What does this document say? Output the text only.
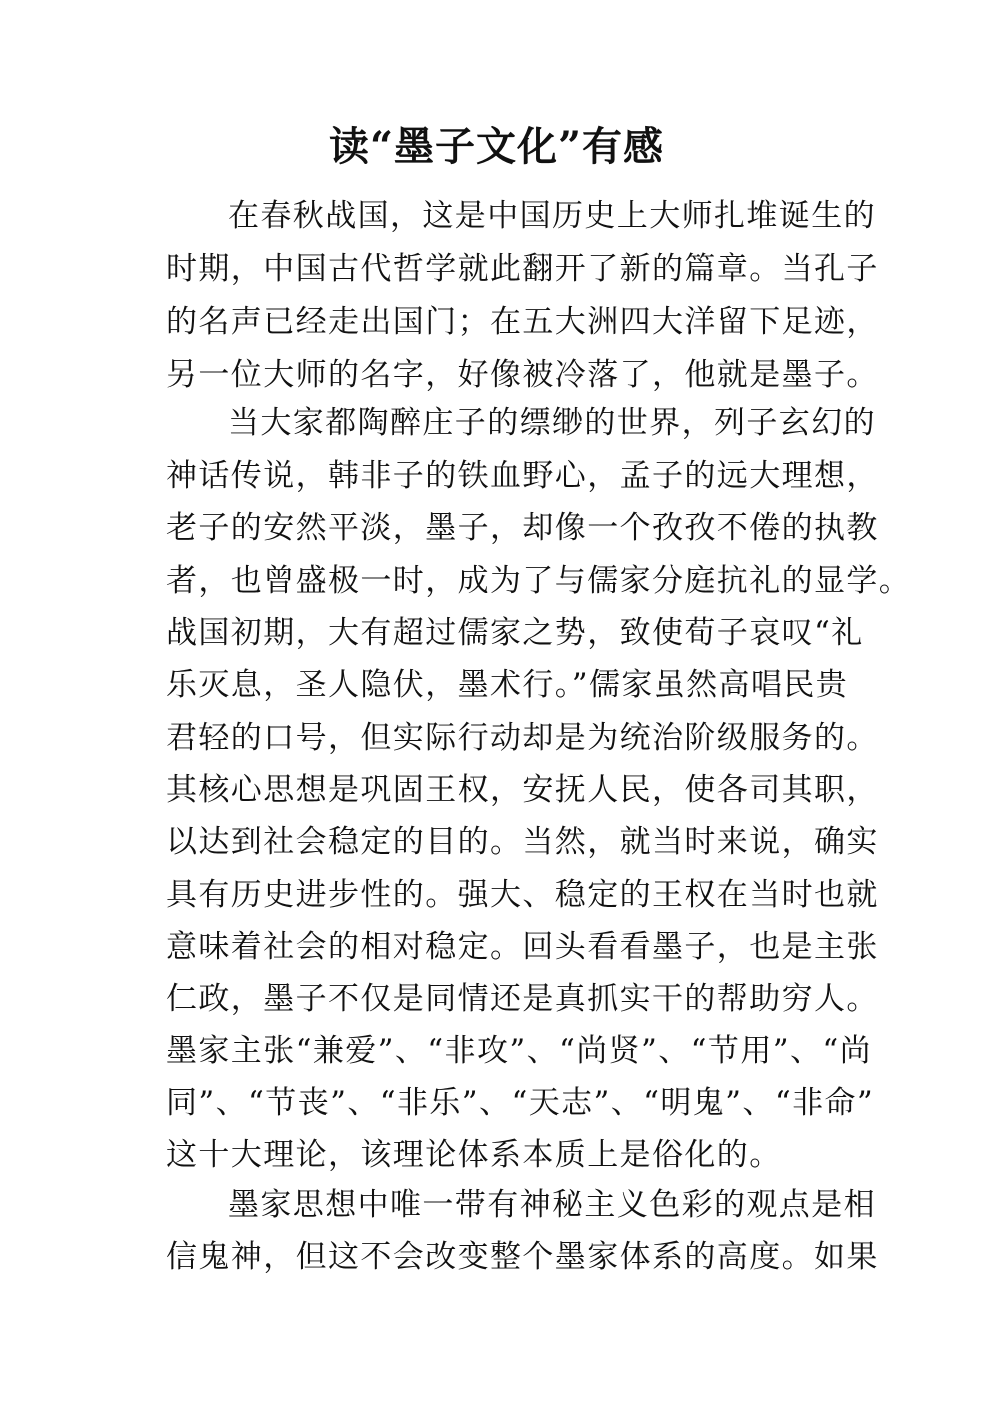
读“墨子文化”有感

在春秋战国，这是中国历史上大师扎堆诞生的

时期，中国古代哲学就此翻开了新的篇章。当孔子

的名声已经走出国门；在五大洲四大洋留下足迹，

另一位大师的名字，好像被冷落了，他就是墨子。

当大家都陶醉庄子的缥缈的世界，列子玄幻的

神话传说，韩非子的铁血野心，孟子的远大理想，

老子的安然平淡，墨子，却像一个孜孜不倦的执教

者，也曾盛极一时，成为了与儒家分庭抗礼的显学。

战国初期，大有超过儒家之势，致使荀子哀叹“礼

乐灭息，圣人隐伏，墨术行。”儒家虽然高唱民贵

君轻的口号，但实际行动却是为统治阶级服务的。

其核心思想是巩固王权，安抚人民，使各司其职，

以达到社会稳定的目的。当然，就当时来说，确实

具有历史进步性的。强大、稳定的王权在当时也就

意味着社会的相对稳定。回头看看墨子，也是主张

仁政，墨子不仅是同情还是真抓实干的帮助穷人。

墨家主张“兼爱”、“非攻”、“尚贤”、“节用”、“尚

同”、“节丧”、“非乐”、“天志”、“明鬼”、“非命”

这十大理论，该理论体系本质上是俗化的。

墨家思想中唯一带有神秘主义色彩的观点是相

信鬼神，但这不会改变整个墨家体系的高度。如果
